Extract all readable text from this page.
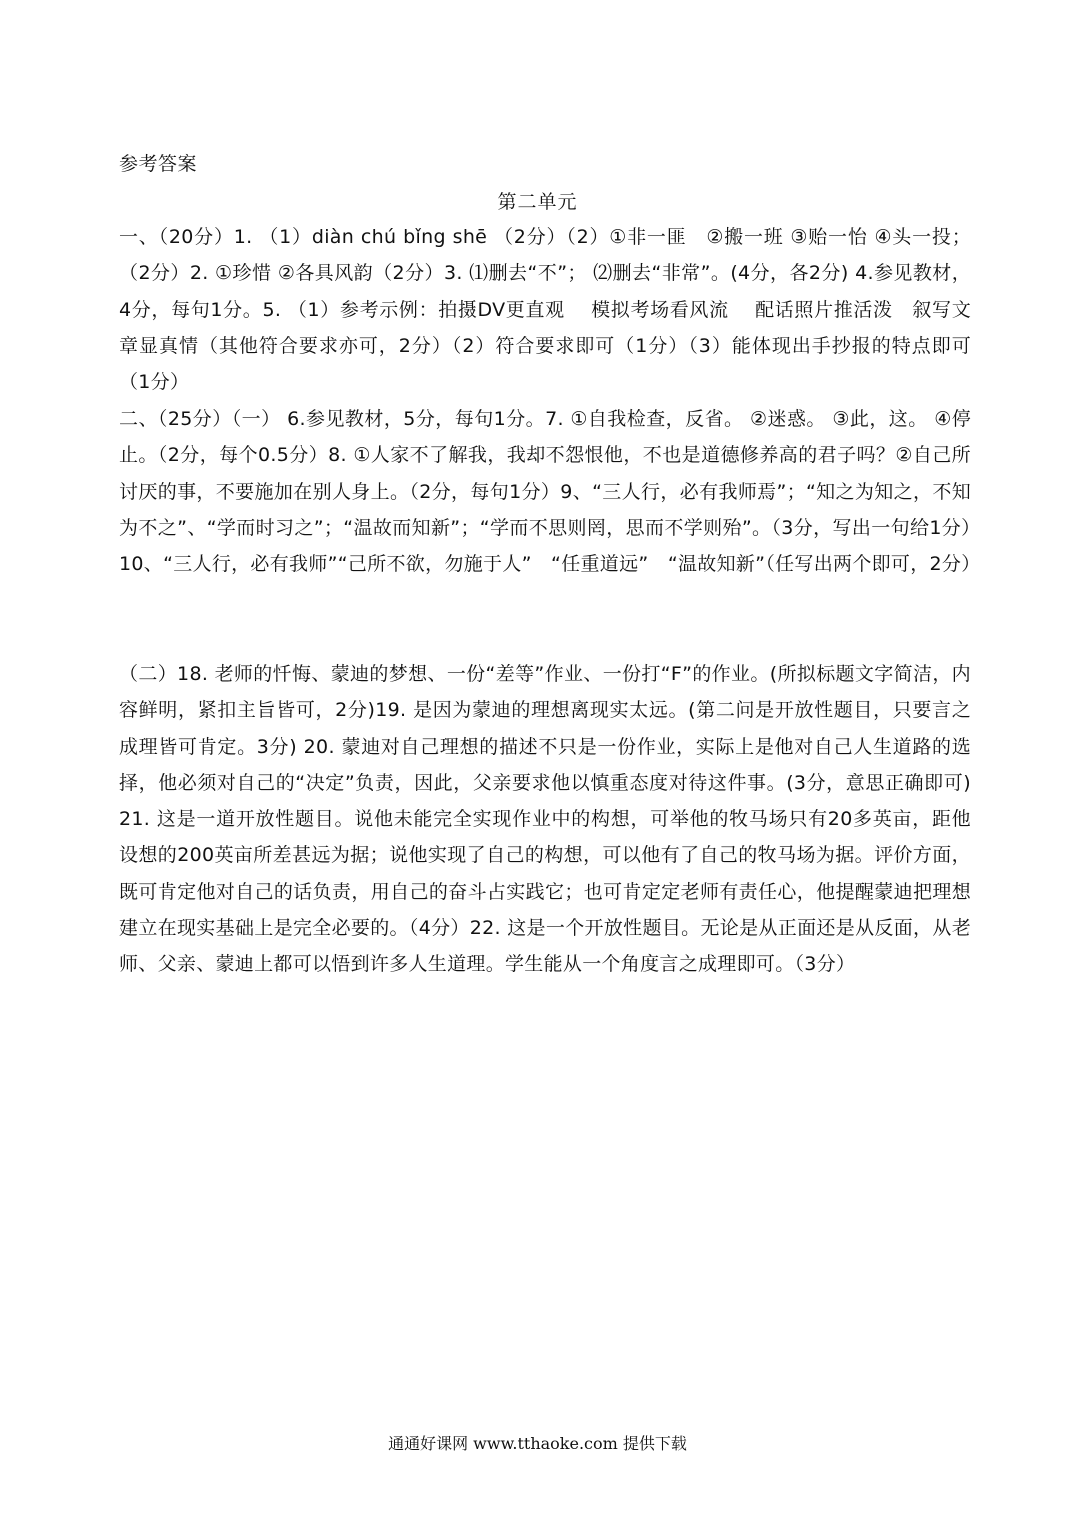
参考答案
第二单元

一、（20分）1. （1）diàn chú bǐng shē （2分）（2）①非一匪　②搬一班 ③贻一怡 ④头一投；（2分）2. ①珍惜 ②各具风韵（2分）3. ⑴删去“不”； ⑵删去“非常”。(4分，各2分) 4.参见教材，4分，每句1分。5. （1）参考示例：拍摄DV更直观　 模拟考场看风流　 配话照片推活泼　叙写文章显真情（其他符合要求亦可，2分）（2）符合要求即可（1分）（3）能体现出手抄报的特点即可（1分）

二、（25分）（一） 6.参见教材，5分，每句1分。7. ①自我检查，反省。 ②迷惑。 ③此，这。 ④停止。（2分，每个0.5分）8. ①人家不了解我，我却不怨恨他，不也是道德修养高的君子吗？②自己所讨厌的事，不要施加在别人身上。（2分，每句1分）9、“三人行，必有我师焉”；“知之为知之，不知为不之”、“学而时习之”；“温故而知新”；“学而不思则罔，思而不学则殆”。（3分，写出一句给1分）　 10、“三人行，必有我师”“己所不欲，勿施于人”　“任重道远”　“温故知新”（任写出两个即可，2分）

（二）18. 老师的忏悔、蒙迪的梦想、一份“差等”作业、一份打“F”的作业。(所拟标题文字简洁，内容鲜明，紧扣主旨皆可，2分)19. 是因为蒙迪的理想离现实太远。(第二问是开放性题目，只要言之成理皆可肯定。3分) 20. 蒙迪对自己理想的描述不只是一份作业，实际上是他对自己人生道路的选择，他必须对自己的“决定”负责，因此，父亲要求他以慎重态度对待这件事。(3分，意思正确即可) 21. 这是一道开放性题目。说他未能完全实现作业中的构想，可举他的牧马场只有20多英亩，距他设想的200英亩所差甚远为据；说他实现了自己的构想，可以他有了自己的牧马场为据。评价方面，既可肯定他对自己的话负责，用自己的奋斗占实践它；也可肯定定老师有责任心，他提醒蒙迪把理想建立在现实基础上是完全必要的。（4分）22. 这是一个开放性题目。无论是从正面还是从反面，从老师、父亲、蒙迪上都可以悟到许多人生道理。学生能从一个角度言之成理即可。（3分）

通通好课网 www.tthaoke.com 提供下载
